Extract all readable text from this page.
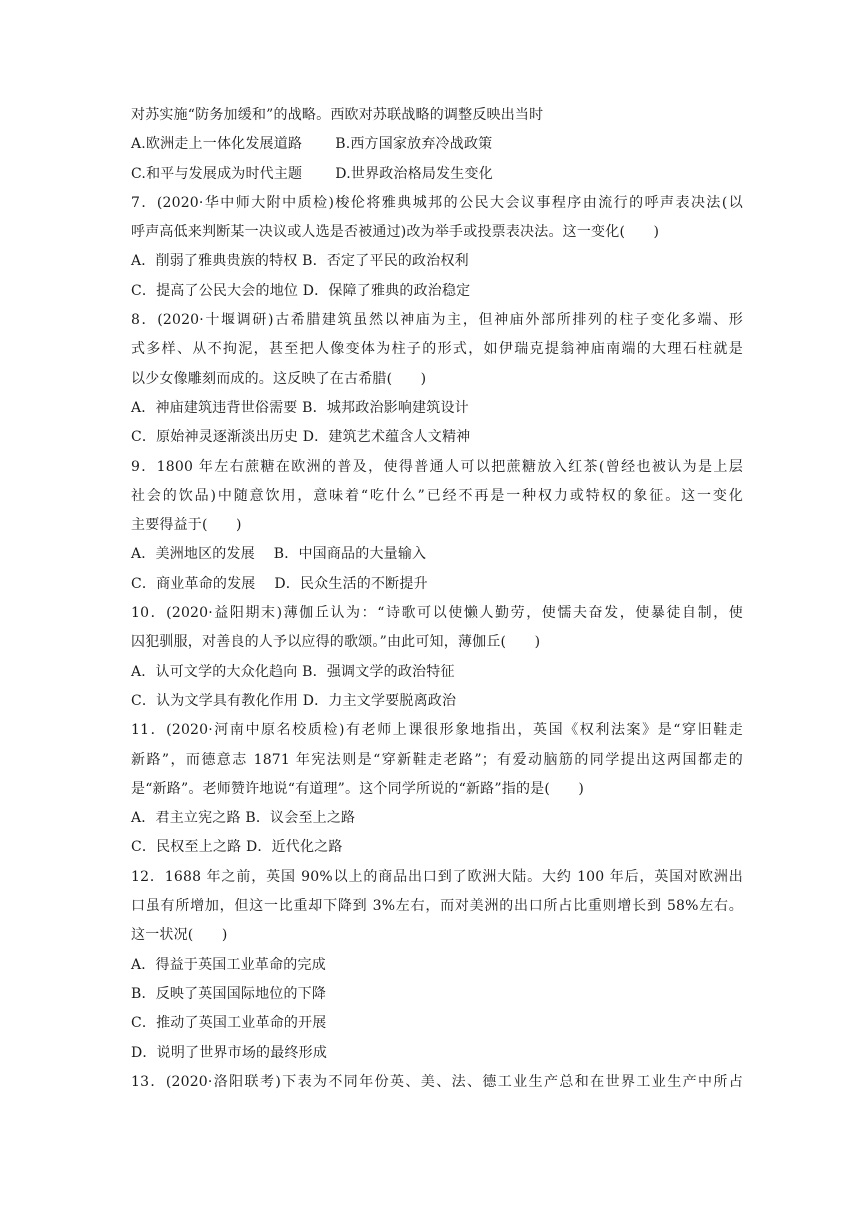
对苏实施“防务加缓和”的战略。西欧对苏联战略的调整反映出当时
A.欧洲走上一体化发展道路　　 B.西方国家放弃冷战政策
C.和平与发展成为时代主题　　 D.世界政治格局发生变化
7．(2020·华中师大附中质检)梭伦将雅典城邦的公民大会议事程序由流行的呼声表决法(以
呼声高低来判断某一决议或人选是否被通过)改为举手或投票表决法。这一变化(　　)
A．削弱了雅典贵族的特权 B．否定了平民的政治权利
C．提高了公民大会的地位 D．保障了雅典的政治稳定
8．(2020·十堰调研)古希腊建筑虽然以神庙为主，但神庙外部所排列的柱子变化多端、形
式多样、从不拘泥，甚至把人像变体为柱子的形式，如伊瑞克提翁神庙南端的大理石柱就是
以少女像雕刻而成的。这反映了在古希腊(　　)
A．神庙建筑违背世俗需要 B．城邦政治影响建筑设计
C．原始神灵逐渐淡出历史 D．建筑艺术蕴含人文精神
9．1800 年左右蔗糖在欧洲的普及，使得普通人可以把蔗糖放入红茶(曾经也被认为是上层
社会的饮品)中随意饮用，意味着“吃什么”已经不再是一种权力或特权的象征。这一变化
主要得益于(　　)
A．美洲地区的发展　 B．中国商品的大量输入
C．商业革命的发展　 D．民众生活的不断提升
10．(2020·益阳期末)薄伽丘认为：“诗歌可以使懒人勤劳，使懦夫奋发，使暴徒自制，使
囚犯驯服，对善良的人予以应得的歌颂。”由此可知，薄伽丘(　　)
A．认可文学的大众化趋向 B．强调文学的政治特征
C．认为文学具有教化作用 D．力主文学要脱离政治
11．(2020·河南中原名校质检)有老师上课很形象地指出，英国《权利法案》是“穿旧鞋走
新路”，而德意志 1871 年宪法则是“穿新鞋走老路”；有爱动脑筋的同学提出这两国都走的
是“新路”。老师赞许地说“有道理”。这个同学所说的“新路”指的是(　　)
A．君主立宪之路 B．议会至上之路
C．民权至上之路 D．近代化之路
12．1688 年之前，英国 90%以上的商品出口到了欧洲大陆。大约 100 年后，英国对欧洲出
口虽有所增加，但这一比重却下降到 3%左右，而对美洲的出口所占比重则增长到 58%左右。
这一状况(　　)
A．得益于英国工业革命的完成
B．反映了英国国际地位的下降
C．推动了英国工业革命的开展
D．说明了世界市场的最终形成
13．(2020·洛阳联考)下表为不同年份英、美、法、德工业生产总和在世界工业生产中所占
